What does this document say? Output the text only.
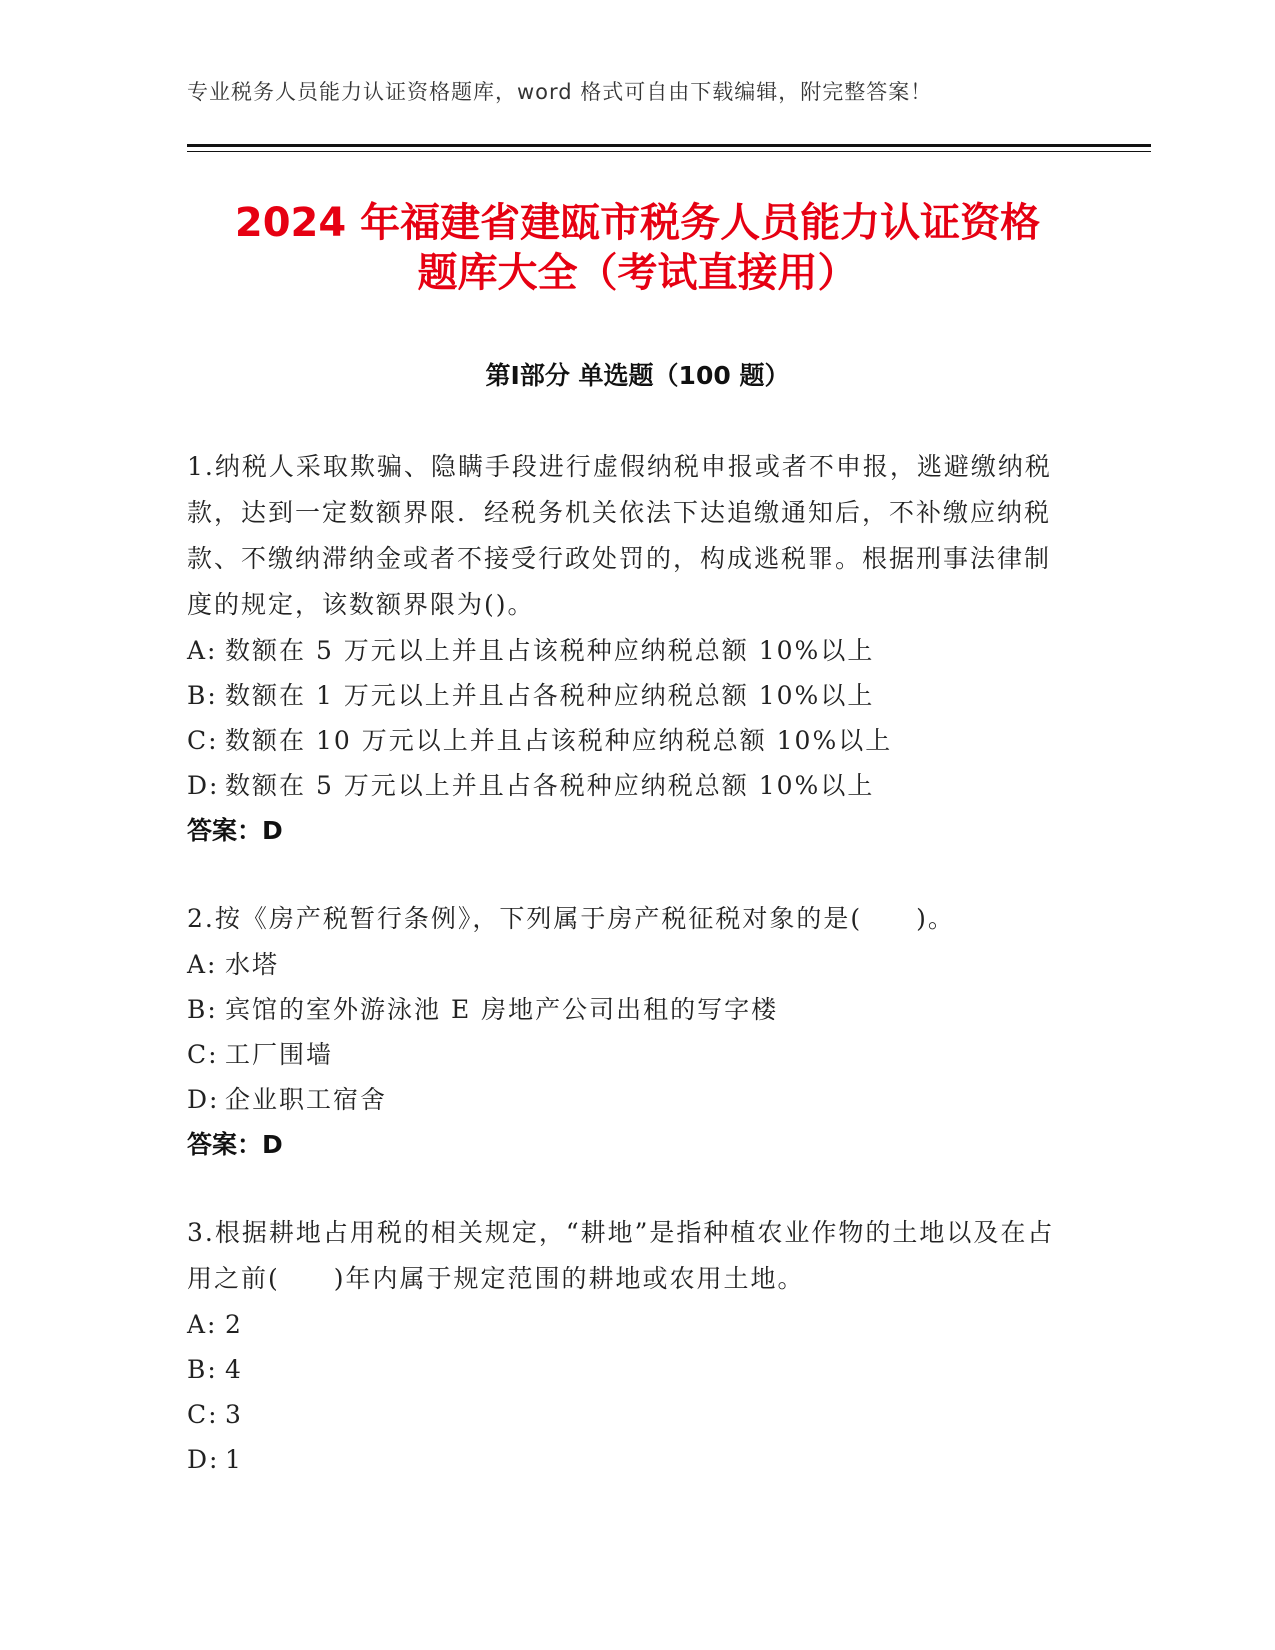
专业税务人员能力认证资格题库，word 格式可自由下载编辑，附完整答案！
2024 年福建省建瓯市税务人员能力认证资格
题库大全（考试直接用）
第Ⅰ部分 单选题（100 题）

1.纳税人采取欺骗、隐瞒手段进行虚假纳税申报或者不申报，逃避缴纳税款，达到一定数额界限．经税务机关依法下达追缴通知后，不补缴应纳税款、不缴纳滞纳金或者不接受行政处罚的，构成逃税罪。根据刑事法律制度的规定，该数额界限为()。

A: 数额在 5 万元以上并且占该税种应纳税总额 10%以上
B: 数额在 1 万元以上并且占各税种应纳税总额 10%以上
C: 数额在 10 万元以上并且占该税种应纳税总额 10%以上
D: 数额在 5 万元以上并且占各税种应纳税总额 10%以上
答案：D

2.按《房产税暂行条例》，下列属于房产税征税对象的是(　　)。

A: 水塔
B: 宾馆的室外游泳池 E 房地产公司出租的写字楼
C: 工厂围墙
D: 企业职工宿舍
答案：D

3.根据耕地占用税的相关规定，“耕地”是指种植农业作物的土地以及在占用之前(　　)年内属于规定范围的耕地或农用土地。

A: 2
B: 4
C: 3
D: 1
